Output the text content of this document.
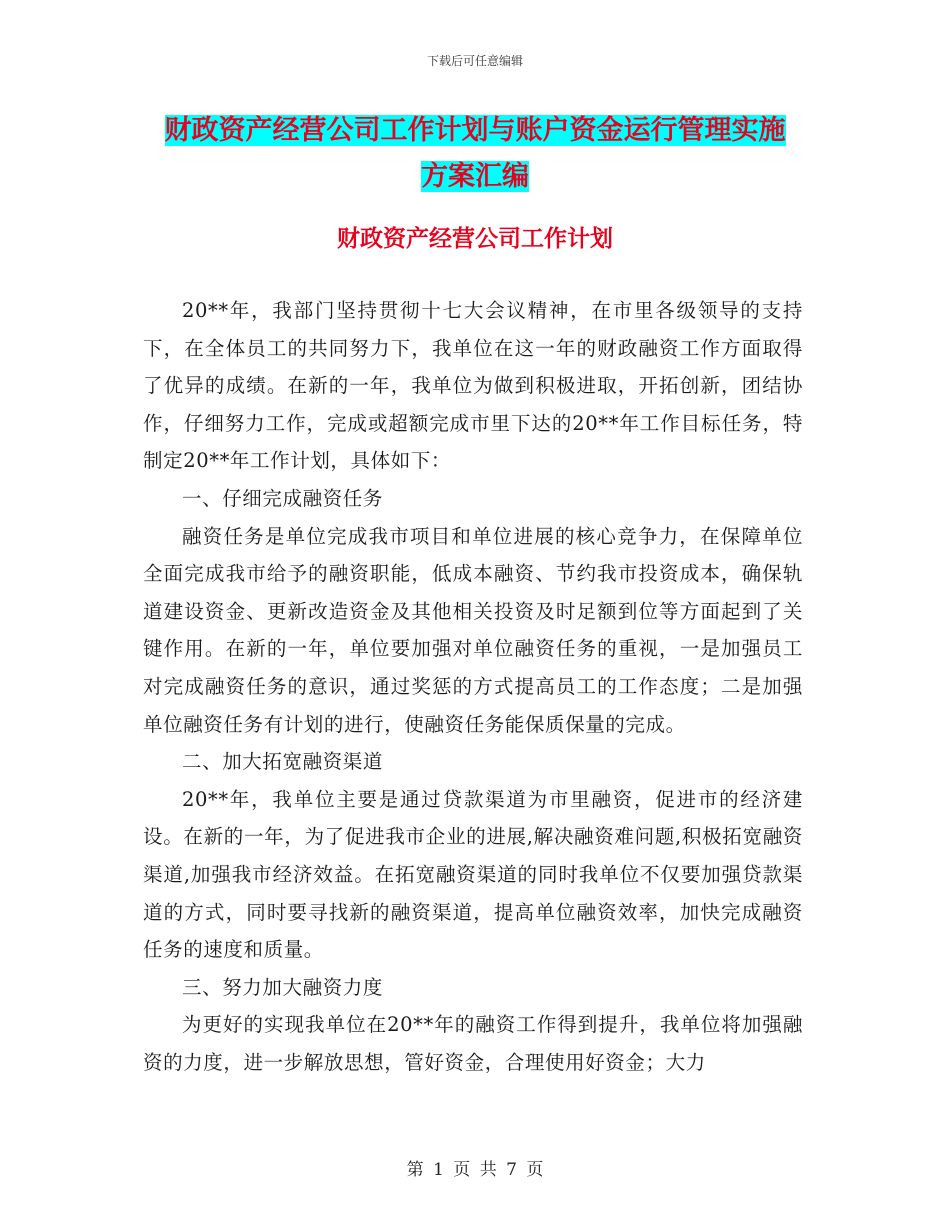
下载后可任意编辑
财政资产经营公司工作计划与账户资金运行管理实施
方案汇编
财政资产经营公司工作计划

20**年，我部门坚持贯彻十七大会议精神，在市里各级领导的支持下，在全体员工的共同努力下，我单位在这一年的财政融资工作方面取得了优异的成绩。在新的一年，我单位为做到积极进取，开拓创新，团结协作，仔细努力工作，完成或超额完成市里下达的20**年工作目标任务，特制定20**年工作计划，具体如下：

一、仔细完成融资任务

融资任务是单位完成我市项目和单位进展的核心竞争力，在保障单位全面完成我市给予的融资职能，低成本融资、节约我市投资成本，确保轨道建设资金、更新改造资金及其他相关投资及时足额到位等方面起到了关键作用。在新的一年，单位要加强对单位融资任务的重视，一是加强员工对完成融资任务的意识，通过奖惩的方式提高员工的工作态度；二是加强单位融资任务有计划的进行，使融资任务能保质保量的完成。

二、加大拓宽融资渠道

20**年，我单位主要是通过贷款渠道为市里融资，促进市的经济建设。在新的一年，为了促进我市企业的进展,解决融资难问题,积极拓宽融资渠道,加强我市经济效益。在拓宽融资渠道的同时我单位不仅要加强贷款渠道的方式，同时要寻找新的融资渠道，提高单位融资效率，加快完成融资任务的速度和质量。

三、努力加大融资力度

为更好的实现我单位在20**年的融资工作得到提升，我单位将加强融资的力度，进一步解放思想，管好资金，合理使用好资金；大力

第 1 页 共 7 页
